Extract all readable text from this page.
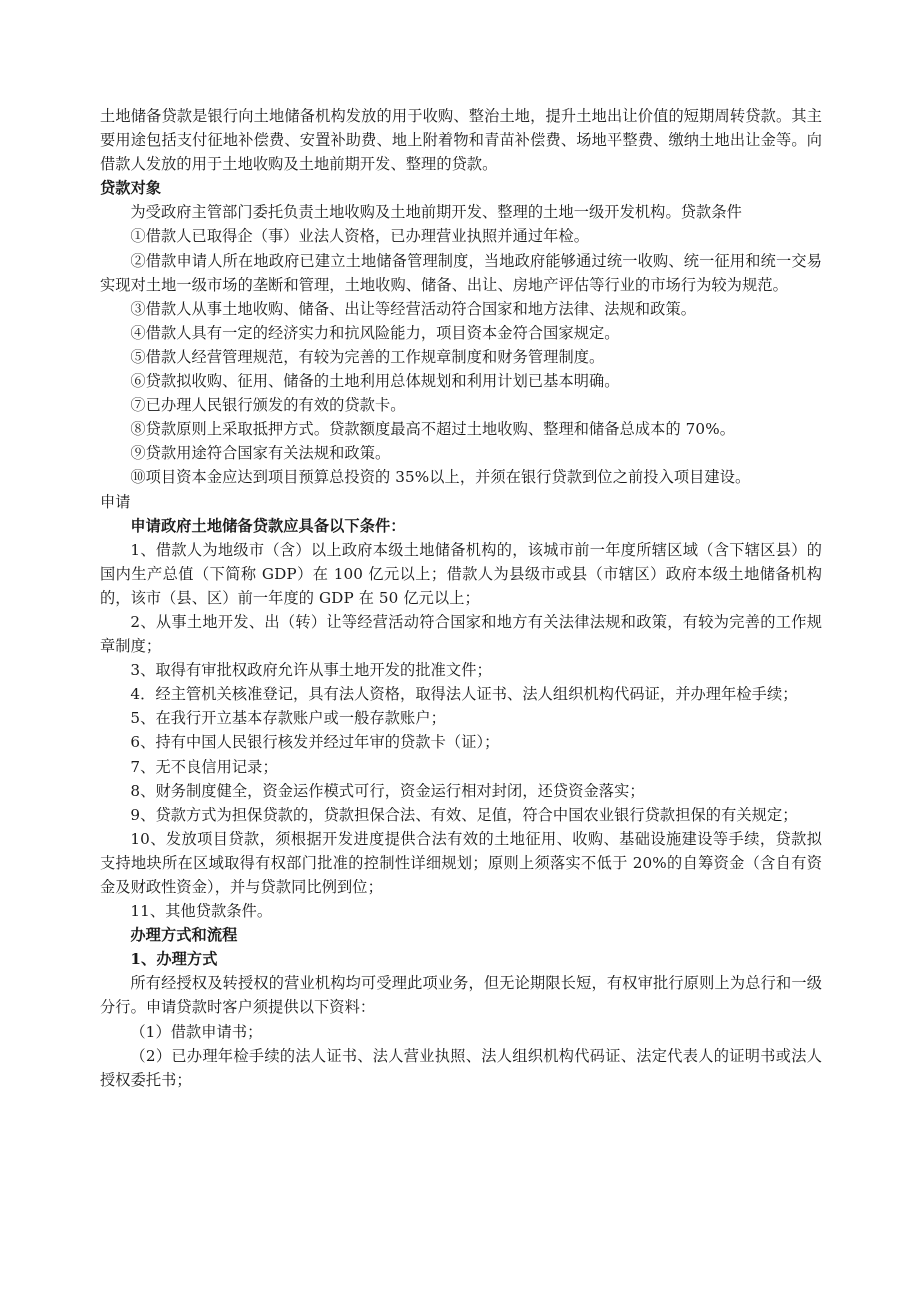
土地储备贷款是银行向土地储备机构发放的用于收购、整治土地，提升土地出让价值的短期周转贷款。其主要用途包括支付征地补偿费、安置补助费、地上附着物和青苗补偿费、场地平整费、缴纳土地出让金等。向借款人发放的用于土地收购及土地前期开发、整理的贷款。

贷款对象

为受政府主管部门委托负责土地收购及土地前期开发、整理的土地一级开发机构。贷款条件

①借款人已取得企（事）业法人资格，已办理营业执照并通过年检。

②借款申请人所在地政府已建立土地储备管理制度，当地政府能够通过统一收购、统一征用和统一交易实现对土地一级市场的垄断和管理，土地收购、储备、出让、房地产评估等行业的市场行为较为规范。

③借款人从事土地收购、储备、出让等经营活动符合国家和地方法律、法规和政策。

④借款人具有一定的经济实力和抗风险能力，项目资本金符合国家规定。

⑤借款人经营管理规范，有较为完善的工作规章制度和财务管理制度。

⑥贷款拟收购、征用、储备的土地利用总体规划和利用计划已基本明确。

⑦已办理人民银行颁发的有效的贷款卡。

⑧贷款原则上采取抵押方式。贷款额度最高不超过土地收购、整理和储备总成本的 70%。

⑨贷款用途符合国家有关法规和政策。

⑩项目资本金应达到项目预算总投资的 35%以上，并须在银行贷款到位之前投入项目建设。

申请

申请政府土地储备贷款应具备以下条件：

1、借款人为地级市（含）以上政府本级土地储备机构的，该城市前一年度所辖区域（含下辖区县）的国内生产总值（下简称 GDP）在 100 亿元以上；借款人为县级市或县（市辖区）政府本级土地储备机构的，该市（县、区）前一年度的 GDP 在 50 亿元以上；

2、从事土地开发、出（转）让等经营活动符合国家和地方有关法律法规和政策，有较为完善的工作规章制度；

3、取得有审批权政府允许从事土地开发的批准文件；

4．经主管机关核准登记，具有法人资格，取得法人证书、法人组织机构代码证，并办理年检手续；

5、在我行开立基本存款账户或一般存款账户；

6、持有中国人民银行核发并经过年审的贷款卡（证）；

7、无不良信用记录；

8、财务制度健全，资金运作模式可行，资金运行相对封闭，还贷资金落实；

9、贷款方式为担保贷款的，贷款担保合法、有效、足值，符合中国农业银行贷款担保的有关规定；

10、发放项目贷款，须根据开发进度提供合法有效的土地征用、收购、基础设施建设等手续，贷款拟支持地块所在区域取得有权部门批准的控制性详细规划；原则上须落实不低于 20%的自筹资金（含自有资金及财政性资金），并与贷款同比例到位；

11、其他贷款条件。

办理方式和流程

1、办理方式

所有经授权及转授权的营业机构均可受理此项业务，但无论期限长短，有权审批行原则上为总行和一级分行。申请贷款时客户须提供以下资料：

（1）借款申请书；

（2）已办理年检手续的法人证书、法人营业执照、法人组织机构代码证、法定代表人的证明书或法人授权委托书；
